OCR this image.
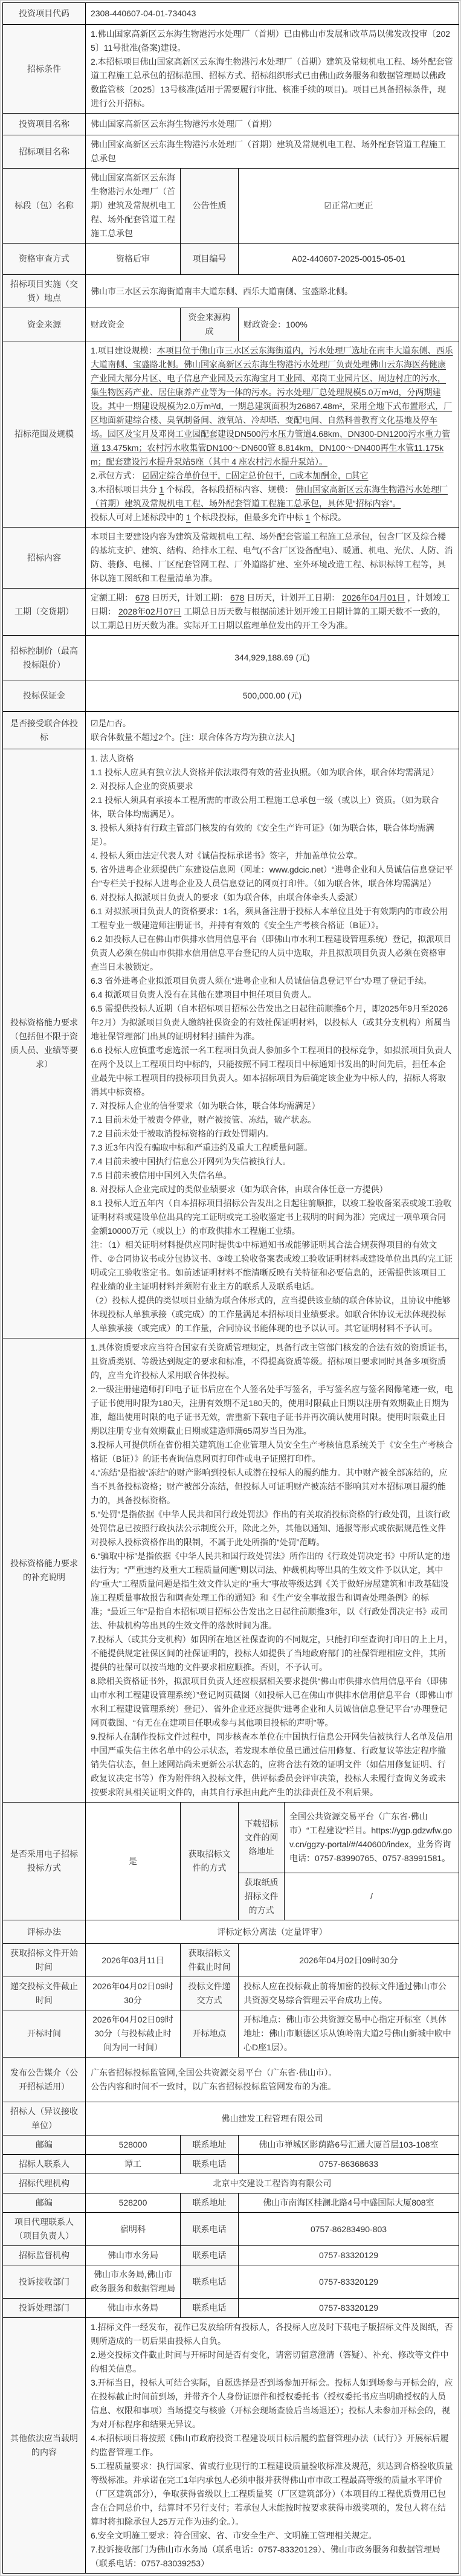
投资项目代码	2308-440607-04-01-734043			

招标条件	1.佛山国家高新区云东海生物港污水处理厂（首期）已由佛山市发展和改革局以佛发改投审〔2025〕11号批准(备案)建设。

2.本招标项目佛山国家高新区云东海生物港污水处理厂（首期）建筑及常规机电工程、场外配套管道工程施工总承包的招标范围、招标方式、招标组织形式已由佛山政务服务和数据管理局以佛政数监管核〔2025〕13号核准(适用于需要履行审批、核准手续的项目)。项目已具备招标条件，现进行公开招标。			

投资项目名称	佛山国家高新区云东海生物港污水处理厂（首期）			

招标项目名称	佛山国家高新区云东海生物港污水处理厂（首期）建筑及常规机电工程、场外配套管道工程施工总承包			

标段（包）名称	佛山国家高新区云东海生物港污水处理厂（首期）建筑及常规机电工程、场外配套管道工程施工总承包	公告性质	☑正常/□更正	

资格审查方式	资格后审	项目编号	A02-440607-2025-0015-05-01	

招标项目实施（交货）地点	佛山市三水区云东海街道南丰大道东侧、西乐大道南侧、宝盛路北侧。			

资金来源	财政资金	资金来源构成	财政资金：100%	

招标范围及规模	1.项目建设规模：本项目位于佛山市三水区云东海街道内，污水处理厂选址在南丰大道东侧、西乐大道南侧、宝盛路北侧。佛山国家高新区云东海生物港污水处理厂负责处理佛山云东海医药健康产业园大部分片区、电子信息产业园及云东海宝月工业园、邓岗工业园片区、周边村庄的污水，集生物医药产业、居住康养产业等为一体的污水。污水处理厂总处理规模5.0万m³/d，分两期建设。其中一期建设规模为2.0万m³/d，一期总建筑面积为26867.48m²，采用全地下式布置形式，厂区地面新建综合楼、臭氧制备间、液氧站、冷却塔、变配电间、自然科普教育文化基地及停车场。园区及宝月及邓岗工业园配套建设DN500污水压力管道4.68km、DN300-DN1200污水重力管道 13.475km；农村污水收集管DN100～DN600管 8.814km，DN100～DN400再生水管11.175km；配套建设污水提升泵站5座（其中 4 座农村污水提升泵站）。

2.承包方式： ☑固定综合单价包干，□固定总价包干，□成本加酬金，□其它

3.本招标项目共分 1 个标段，各标段招标内容、规模： 佛山国家高新区云东海生物港污水处理厂（首期）建筑及常规机电工程、场外配套管道工程施工总承包，具体见“招标内容”。

投标人可对上述标段中的 1 个标段投标，但最多允许中标 1 个标段。			

招标内容	本项目主要建设内容为建筑及常规机电工程、场外配套管道工程施工总承包，包含厂区及综合楼的基坑支护、建筑、结构、给排水工程、电气(不含厂区设备配电）、暖通、机电、光伏、人防、消防、装修、电梯、厂区配套管网工程、厂外道路扩建、室外环境改造工程、标识标牌工程等，具体以施工图纸和工程量清单为准。			

工期（交货期）	定额工期： 678 日历天，计划工期： 678 日历天，计划开工日期： 2026年04月01日 ，计划竣工日期： 2028年02月07日 工期总日历天数与根据前述计划开竣工日期计算的工期天数不一致的，以工期总日历天数为准。实际开工日期以监理单位发出的开工令为准。			

招标控制价（最高投标限价）	344,929,188.69 (元)			

投标保证金	500,000.00 (元)			

是否接受联合体投标	☑是/□否。

联合体数量不超过2个。[注：联合体各方均为独立法人]			

投标资格能力要求（包括但不限于资质人员、业绩等要求）

1. 法人资格

1.1 投标人应具有独立法人资格并依法取得有效的营业执照。（如为联合体，联合体均需满足）

2. 对投标人企业的资质要求

2.1 投标人须具有承接本工程所需的市政公用工程施工总承包一级（或以上）资质。（如为联合体，联合体均需满足）。

3. 投标人须持有行政主管部门核发的有效的《安全生产许可证》（如为联合体，联合体均需满足）。

4. 投标人须由法定代表人对《诚信投标承诺书》签字，并加盖单位公章。

5. 省外进粤企业须提供广东建设信息网（网址：www.gdcic.net）“进粤企业和人员诚信信息登记平台”专栏关于投标人进粤企业及人员信息登记的网页打印件。（如为联合体，联合体均需满足）

6. 对投标人拟派项目负责人的要求（如为联合体，由联合体牵头人委派）

6.1 对拟派项目负责人的资格要求：1名，须具备注册于投标人本单位且处于有效期内的市政公用工程专业一级建造师注册证书，并持有有效的《安全生产考核合格证（B证）》。

6.2 如投标人已在佛山市供排水信用信息平台（即佛山市水利工程建设管理系统）登记，拟派项目负责人必须在佛山市供排水信用信息平台登记的人员中选取，并且拟派项目负责人必须在资格审查当日未被锁定。

6.3 省外进粤企业拟派项目负责人须在“进粤企业和人员诚信信息登记平台”办理了登记手续。

6.4 拟派项目负责人没有在其他在建项目中担任项目负责人。

6.5 需提供投标人近期（自本招标项目招标公告发出之日起往前顺推6个月，即2025年9月至2026年2月）为拟派项目负责人缴纳社保资金的有效社保证明材料，以投标人（或其分支机构）所属当地社保管理部门出具的证明材料扫描件为准。

6.6 投标人应慎重考虑选派一名工程项目负责人参加多个工程项目的投标竞争，如拟派项目负责人在两个及以上工程项目均中标的，只能按照不同工程项目中标通知书发出的时间先后，担任本企业最先中标工程项目的投标项目负责人。如本招标项目为后确定该企业为中标人的，招标人将取消其中标资格。

7. 对投标人企业的信誉要求（如为联合体，联合体均需满足）

7.1 目前未处于被责令停业，财产被接管、冻结，破产状态。

7.2 目前未处于被取消投标资格的行政处罚期内。

7.3 近3年内没有骗取中标和严重违约及重大工程质量问题。

7.4 目前未被中国执行信息公开网列为失信被执行人。

7.5 目前未被信用中国列入失信名单。

8. 对投标人企业完成过的类似业绩要求（如为联合体，由联合体任意一方提供）

8.1 投标人近五年内（自本招标项目招标公告发出之日起往前顺推，以竣工验收备案表或竣工验收证明材料或建设单位出具的完工证明或完工验收鉴定书上载明的时间为准）完成过一项单项合同金额10000万元（或以上）的市政供排水工程施工业绩。

注：（1）相关证明材料提供应同时提供①中标通知书或能够证明其合法合规获得项目的有效文件、②合同协议书或分包协议书、③竣工验收备案表或竣工验收证明材料或建设单位出具的完工证明或完工验收鉴定书。如前述证明材料不能清晰反映有关特征和必要信息的，还需提供该项目工程业绩的业主证明材料并须附有业主方的联系人及联系电话。

（2）投标人提供的类似项目业绩为联合体形式的，应当提供该业绩的联合体协议，且协议中能够体现投标人单独承接（或完成）的工作量满足本招标项目业绩要求。如联合体协议无法体现投标人单独承接（或完成）的工作量，合同协议书能体现的也予以认可。其它证明材料不予认可。

投标资格能力要求的补充说明

1.具体资质要求应当符合国家有关资质管理规定，具备行政主管部门核发的合法有效的资质证书，且资质类别、等级达到规定的要求和标准，不得提高资质等级。招标项目要求同时具备多项资质的，应当允许投标人采用联合体投标。

2.一级注册建造师打印电子证书后应在个人签名处手写签名，手写签名应与签名图像笔迹一致，电子证书使用时限为180天，注册有效期不足180天的，使用时限截止日期以注册有效期截止日期为准，超出使用时限的电子证书无效，需重新下载电子证书并再次确认使用时限。使用时限截止日期以注册专业有效期截止日期或建造师满65周岁当日为准。

3.投标人可提供所在省份相关建筑施工企业管理人员安全生产考核信息系统关于《安全生产考核合格证（B证）》的证书查询信息网页打印件或电子证照打印件。

4.“冻结”是指被“冻结”的财产影响到投标人或潜在投标人的履约能力。其中财产被全部冻结的，应当不具备投标资格；财产被部分冻结，但投标人可证明财产被冻结不影响其对本招标项目履约能力的，具备投标资格。

5.“处罚”是指依据《中华人民共和国行政处罚法》作出的有关取消投标资格的行政处罚，且该行政处罚信息已按照行政执法公示制度公开，除此之外，其他以通知、通报等形式或依据规范性文件对投标人投标资格作出的限制，不属于此处所指的“处罚”范畴。

6.“骗取中标”是指依据《中华人民共和国行政处罚法》所作出的《行政处罚决定书》中所认定的违法行为；“严重违约及重大工程质量问题”则以司法、仲裁机构等出具的生效文件予以认定，其中的“重大”工程质量问题是指生效文件认定的“重大”事故等级达到《关于做好房屋建筑和市政基础设施工程质量事故报告和调查处理工作的通知》和《生产安全事故报告和调查处理条例》的标准；“最近三年”是指自本招标项目招标公告发出之日起往前顺推3年，以《行政处罚决定书》或司法、仲裁机构等出具的生效文件的落款时间为准。

7.投标人（或其分支机构）如因所在地区社保查询的不同规定，只能打印至查询打印日的上上月，不能提供规定社保区间的社保证明的，投标人如提供了当地政府部门的社保管理相应文件，其所提供的社保可以按当地的文件要求相应顺推。否则，不予认可。

8.除相关资格证书外，拟派项目负责人还应根据相关要求提供“佛山市供排水信用信息平台（即佛山市水利工程建设管理系统）”登记网页截图（如投标人已在佛山市供排水信用信息平台（即佛山市水利工程建设管理系统）登记）、省外企业还应提供“进粤企业和人员诚信信息登记平台”办理登记网页截图、“有无在在建项目任职或参与其他项目投标的声明”等。

9.投标人在制作投标文件过程中，同步核查本单位在中国执行信息公开网失信被执行人名单及信用中国严重失信主体名单中的公示状态，若发现本单位虽已通过信用修复、行政复议等法定程序撤销失信状态，但上述网站尚未更新公示状态的，应将合法有效的证明文件（如信用修复证明、行政复议决定书等）作为附件纳入投标文件，供评标委员会评审决策，投标人未履行查询义务或未按要求附具相关证明文件的，由其自行承担由此产生的法律责任及不利后果。

是否采用电子招标投标方式	是	获取招标文件的方式	下载招标文件的网络地址	全国公共资源交易平台（广东省·佛山市）“工程建设”栏目。https://ygp.gdzwfw.gov.cn/ggzy-portal/#/440600/index，业务咨询电话：0757-83990765、0757-83991581。

			获取纸质招标文件的方式	/

评标办法	评标定标分离法（定量评审）			

获取招标文件开始时间	2026年03月11日	获取招标文件截止时间	2026年04月02日09时30分	

递交投标文件截止时间	2026年04月02日09时30分	投标文件递交方式	投标人应在投标截止前将加密的投标文件通过佛山市公共资源交易综合管理云平台成功上传。	

开标时间	2026年04月02日09时30分（与投标截止时间为同一时间）	开标地点	开标地点：佛山市公共资源交易中心指定开标室（具体地址：佛山市顺德区乐从镇岭南大道2号佛山新城中欧中心D座1层）。	

发布公告媒介（公开招标适用）	广东省招标投标监管网,全国公共资源交易平台（广东省·佛山市）。

公告内容和时间不一致时，以广东省招标投标监管网发布的为准。			

招标人（异议接收单位）	佛山建发工程管理有限公司			

邮编	528000	联系地址	佛山市禅城区影荫路6号汇通大厦首层103-108室	

招标人联系人	谭工	联系电话	0757-86368633	

招标代理机构	北京中交建设工程咨询有限公司			

邮编	528200	联系地址	佛山市南海区桂澜北路4号中盛国际大厦808室	

项目代理联系人（项目负责人）	宿明科	联系电话	0757-86283490-803	

招标监督机构	佛山市水务局	联系电话	0757-83320129	

投诉接收部门	佛山市水务局,佛山市政务服务和数据管理局	联系电话	0757-83320129	

投诉处理部门	佛山市水务局	联系电话	0757-83320129	

其他依法应当载明的内容

1.招标文件一经发布，视作已发放给所有投标人，各投标人应及时下载电子版招标文件及图纸，否则所造成的一切后果由投标人自负。

2.递交投标文件截止时间与开标时间是否有变化，请密切留意澄清（答疑）、补充、修改等文件中的相关信息。

3.开标当日，投标人可结合实际，自愿选择是否到场参加开标会。投标人如到场参与开标会的，应在投标截止时间前到场，并带齐个人身份证原件和授权委托书（授权委托书应当明确授权的人员信息、权限和事项）当场提交与核验（开标会现场查验后当场退还）；投标人未参加开标会的，视为对开标程序和结果无异议。

4.本招标项目将按照《佛山市政府投资工程建设项目标后履约监督管理办法（试行）》开展标后履约监督管理工作。

5.工程质量要求：执行国家、省或行业现行的工程建设质量验收标准及规范，须达到合格验收质量等级标准。并承诺在完工1年内承包人必须申报并获得佛山市市政工程最高等级的质量水平评价（厂区建筑部分），争取获得省级以上工程质量奖（厂区建筑部分）（本项目的工程优质费用已包含在合同总价中，结算时不另行支付；若承包人未能按时按要求获得市级奖项的，发包人将在结算时将扣除承包人25万元作为违约金。）。

6.安全文明施工要求：符合国家、省、市安全生产、文明施工管理相关规定。

7.投诉接收部门为佛山市水务局（联系电话：0757-83320129）、佛山市政务服务和数据管理局（联系电话：0757-83039253）
